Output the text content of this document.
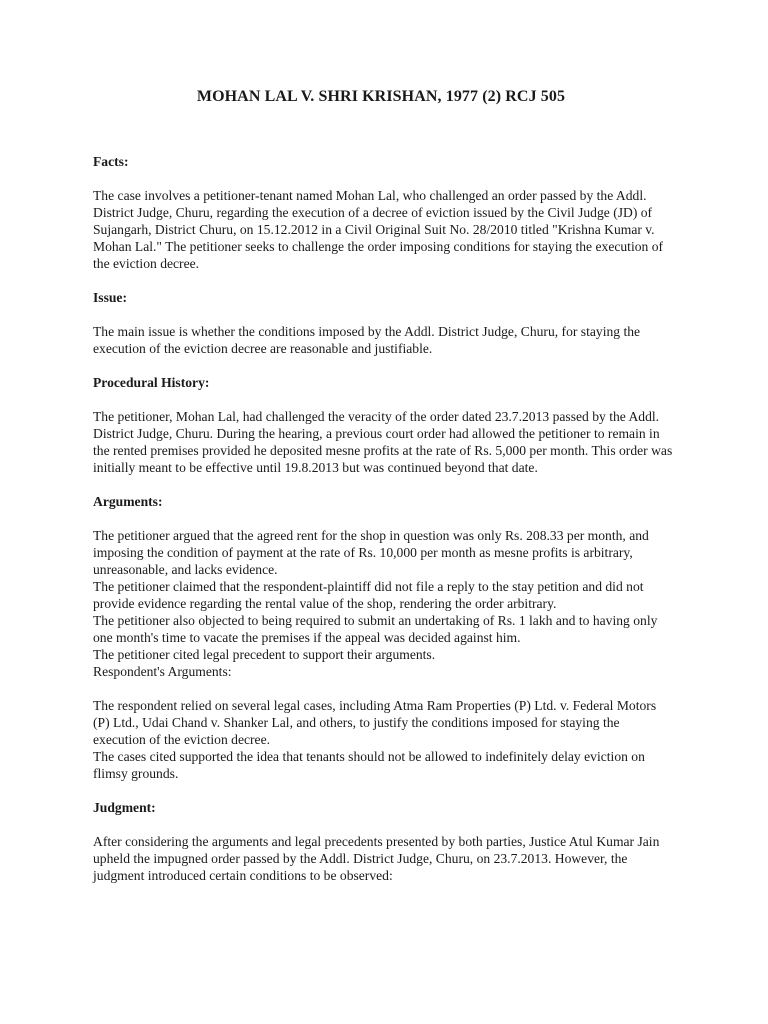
MOHAN LAL V. SHRI KRISHAN, 1977 (2) RCJ 505
Facts:
The case involves a petitioner-tenant named Mohan Lal, who challenged an order passed by the Addl. District Judge, Churu, regarding the execution of a decree of eviction issued by the Civil Judge (JD) of Sujangarh, District Churu, on 15.12.2012 in a Civil Original Suit No. 28/2010 titled "Krishna Kumar v. Mohan Lal." The petitioner seeks to challenge the order imposing conditions for staying the execution of the eviction decree.
Issue:
The main issue is whether the conditions imposed by the Addl. District Judge, Churu, for staying the execution of the eviction decree are reasonable and justifiable.
Procedural History:
The petitioner, Mohan Lal, had challenged the veracity of the order dated 23.7.2013 passed by the Addl. District Judge, Churu. During the hearing, a previous court order had allowed the petitioner to remain in the rented premises provided he deposited mesne profits at the rate of Rs. 5,000 per month. This order was initially meant to be effective until 19.8.2013 but was continued beyond that date.
Arguments:
The petitioner argued that the agreed rent for the shop in question was only Rs. 208.33 per month, and imposing the condition of payment at the rate of Rs. 10,000 per month as mesne profits is arbitrary, unreasonable, and lacks evidence.
The petitioner claimed that the respondent-plaintiff did not file a reply to the stay petition and did not provide evidence regarding the rental value of the shop, rendering the order arbitrary.
The petitioner also objected to being required to submit an undertaking of Rs. 1 lakh and to having only one month's time to vacate the premises if the appeal was decided against him.
The petitioner cited legal precedent to support their arguments.
Respondent's Arguments:
The respondent relied on several legal cases, including Atma Ram Properties (P) Ltd. v. Federal Motors (P) Ltd., Udai Chand v. Shanker Lal, and others, to justify the conditions imposed for staying the execution of the eviction decree.
The cases cited supported the idea that tenants should not be allowed to indefinitely delay eviction on flimsy grounds.
Judgment:
After considering the arguments and legal precedents presented by both parties, Justice Atul Kumar Jain upheld the impugned order passed by the Addl. District Judge, Churu, on 23.7.2013. However, the judgment introduced certain conditions to be observed:
